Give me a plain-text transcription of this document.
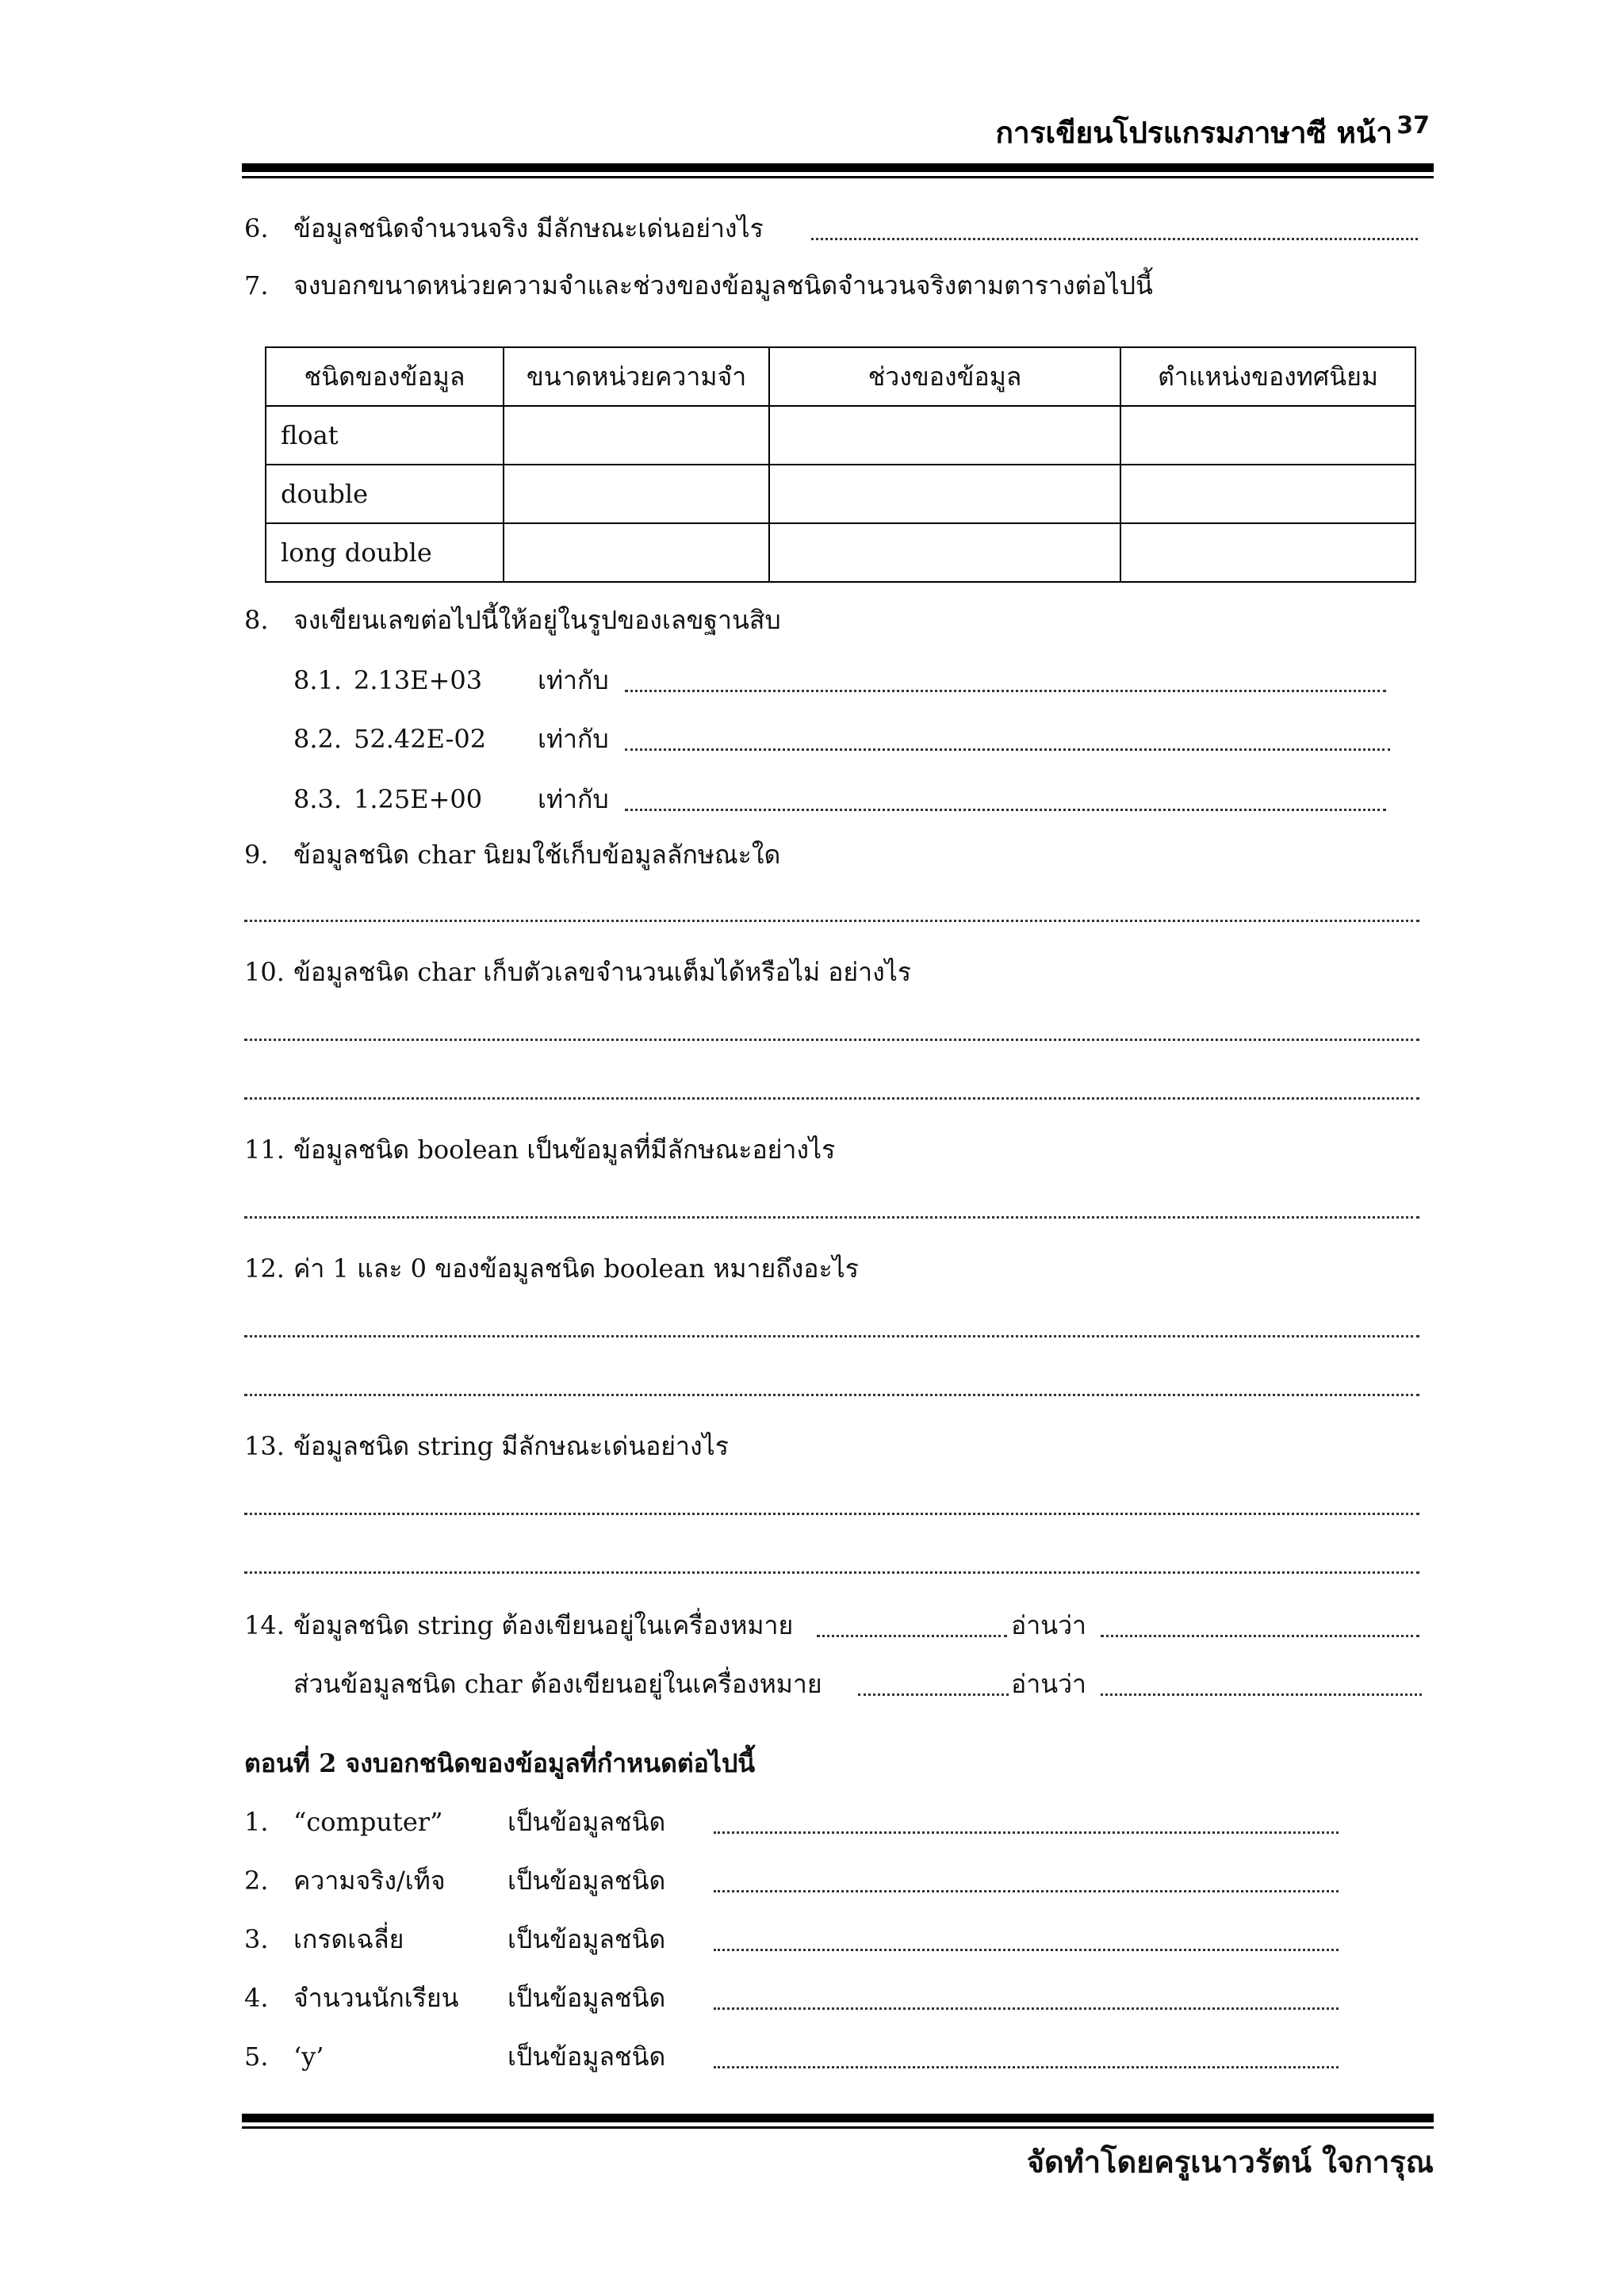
การเขียนโปรแกรมภาษาซี หน้า 37
6. ข้อมูลชนิดจำนวนจริง มีลักษณะเด่นอย่างไร
7. จงบอกขนาดหน่วยความจำและช่วงของข้อมูลชนิดจำนวนจริงตามตารางต่อไปนี้
ชนิดของข้อมูล	ขนาดหน่วยความจำ	ช่วงของข้อมูล	ตำแหน่งของทศนิยม
float			
double			
long double			
8. จงเขียนเลขต่อไปนี้ให้อยู่ในรูปของเลขฐานสิบ
8.1. 2.13E+03 เท่ากับ
8.2. 52.42E-02 เท่ากับ
8.3. 1.25E+00 เท่ากับ
9. ข้อมูลชนิด char นิยมใช้เก็บข้อมูลลักษณะใด
10. ข้อมูลชนิด char เก็บตัวเลขจำนวนเต็มได้หรือไม่ อย่างไร
11. ข้อมูลชนิด boolean เป็นข้อมูลที่มีลักษณะอย่างไร
12. ค่า 1 และ 0 ของข้อมูลชนิด boolean หมายถึงอะไร
13. ข้อมูลชนิด string มีลักษณะเด่นอย่างไร
14. ข้อมูลชนิด string ต้องเขียนอยู่ในเครื่องหมาย	อ่านว่า
ส่วนข้อมูลชนิด char ต้องเขียนอยู่ในเครื่องหมาย	อ่านว่า
ตอนที่ 2 จงบอกชนิดของข้อมูลที่กำหนดต่อไปนี้
1. “computer”	เป็นข้อมูลชนิด
2. ความจริง/เท็จ เป็นข้อมูลชนิด
3. เกรดเฉลี่ย	เป็นข้อมูลชนิด
4. จำนวนนักเรียน เป็นข้อมูลชนิด
5. ‘y’	เป็นข้อมูลชนิด
จัดทำโดยครูเนาวรัตน์ ใจการุณ
